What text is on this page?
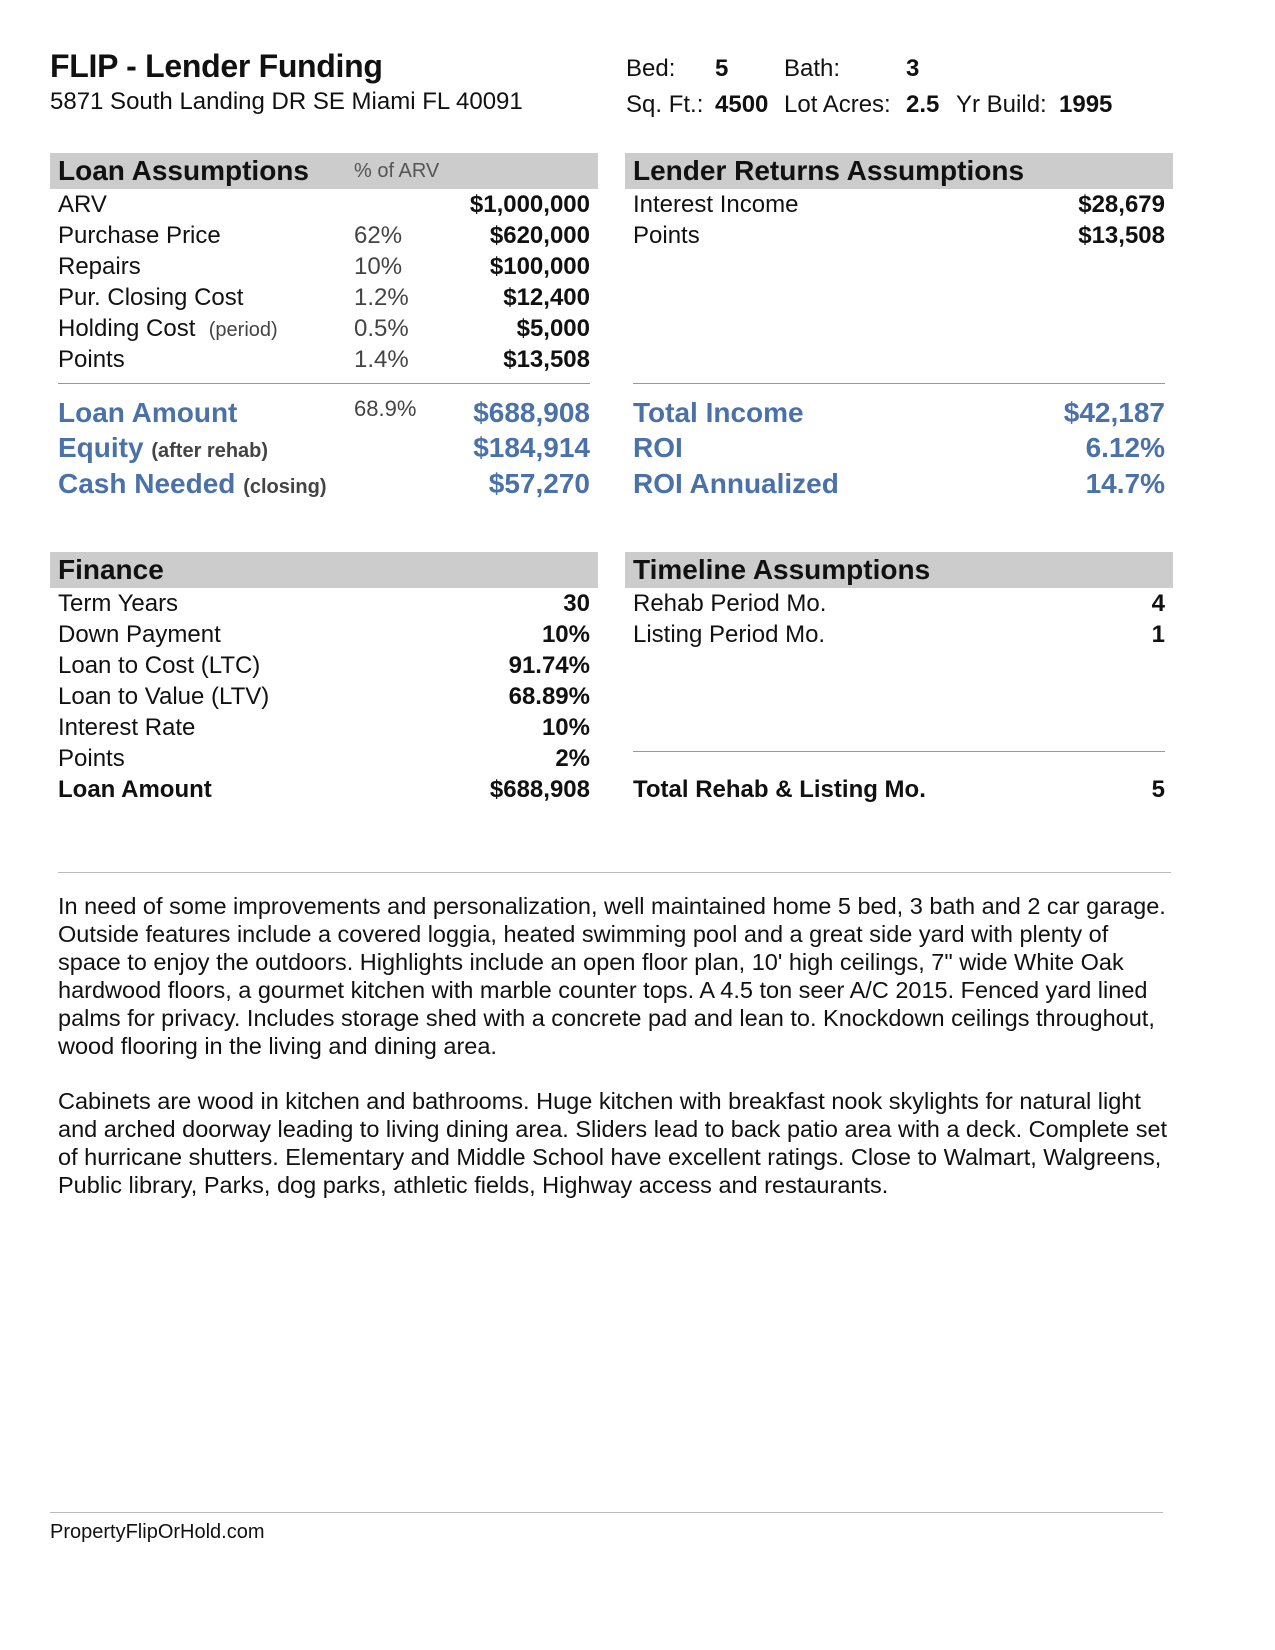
FLIP - Lender Funding
5871 South Landing DR SE Miami FL 40091
Bed: 5 Bath:	3
Sq. Ft.: 4500 Lot Acres: 2.5 Yr Build: 1995
Loan Assumptions	% of ARV
ARV	$1,000,000
Purchase Price	62%	$620,000
Repairs	10%	$100,000
Pur. Closing Cost	1.2%	$12,400
Holding Cost (period)	0.5%	$5,000
Points	1.4%	$13,508
Loan Amount	68.9% $688,908
Equity (after rehab)	$184,914
Cash Needed (closing)	$57,270
Lender Returns Assumptions
Interest Income	$28,679
Points	$13,508
Total Income	$42,187
ROI	6.12%
ROI Annualized	14.7%
Finance
Term Years	30
Down Payment	10%
Loan to Cost (LTC)	91.74%
Loan to Value (LTV)	68.89%
Interest Rate	10%
Points	2%
Loan Amount	$688,908
Timeline Assumptions
Rehab Period Mo.	4
Listing Period Mo.	1
Total Rehab & Listing Mo.	5
In need of some improvements and personalization, well maintained home 5 bed, 3 bath and 2 car garage. Outside features include a covered loggia, heated swimming pool and a great side yard with plenty of space to enjoy the outdoors. Highlights include an open floor plan, 10' high ceilings, 7" wide White Oak hardwood floors, a gourmet kitchen with marble counter tops. A 4.5 ton seer A/C 2015. Fenced yard lined palms for privacy. Includes storage shed with a concrete pad and lean to. Knockdown ceilings throughout, wood flooring in the living and dining area.
Cabinets are wood in kitchen and bathrooms. Huge kitchen with breakfast nook skylights for natural light and arched doorway leading to living dining area. Sliders lead to back patio area with a deck. Complete set of hurricane shutters. Elementary and Middle School have excellent ratings. Close to Walmart, Walgreens, Public library, Parks, dog parks, athletic fields, Highway access and restaurants.
PropertyFlipOrHold.com
